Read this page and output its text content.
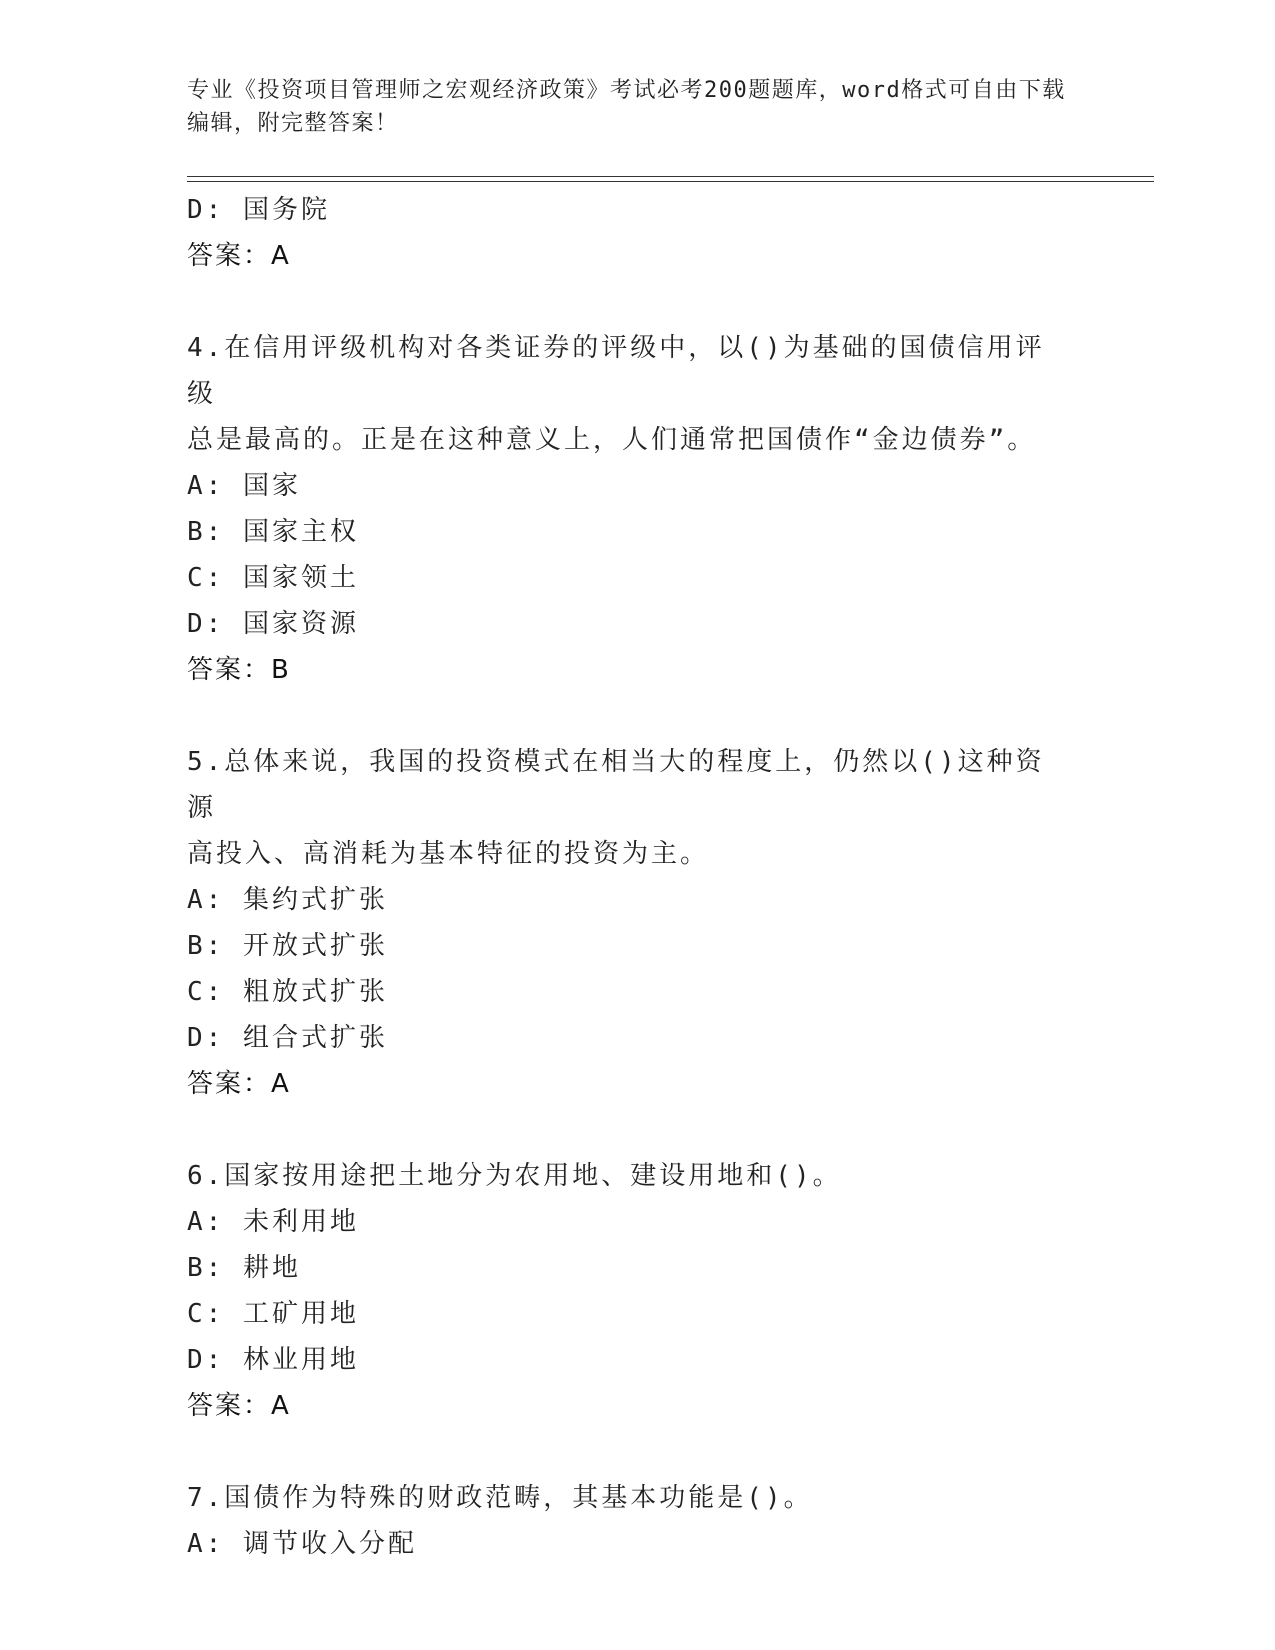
专业《投资项目管理师之宏观经济政策》考试必考200题题库，word格式可自由下载编辑，附完整答案！
D: 国务院
答案：A
4.在信用评级机构对各类证券的评级中，以()为基础的国债信用评级
总是最高的。正是在这种意义上，人们通常把国债作“金边债券”。
A: 国家
B: 国家主权
C: 国家领土
D: 国家资源
答案：B
5.总体来说，我国的投资模式在相当大的程度上，仍然以()这种资源
高投入、高消耗为基本特征的投资为主。
A: 集约式扩张
B: 开放式扩张
C: 粗放式扩张
D: 组合式扩张
答案：A
6.国家按用途把土地分为农用地、建设用地和()。
A: 未利用地
B: 耕地
C: 工矿用地
D: 林业用地
答案：A
7.国债作为特殊的财政范畴，其基本功能是()。
A: 调节收入分配
